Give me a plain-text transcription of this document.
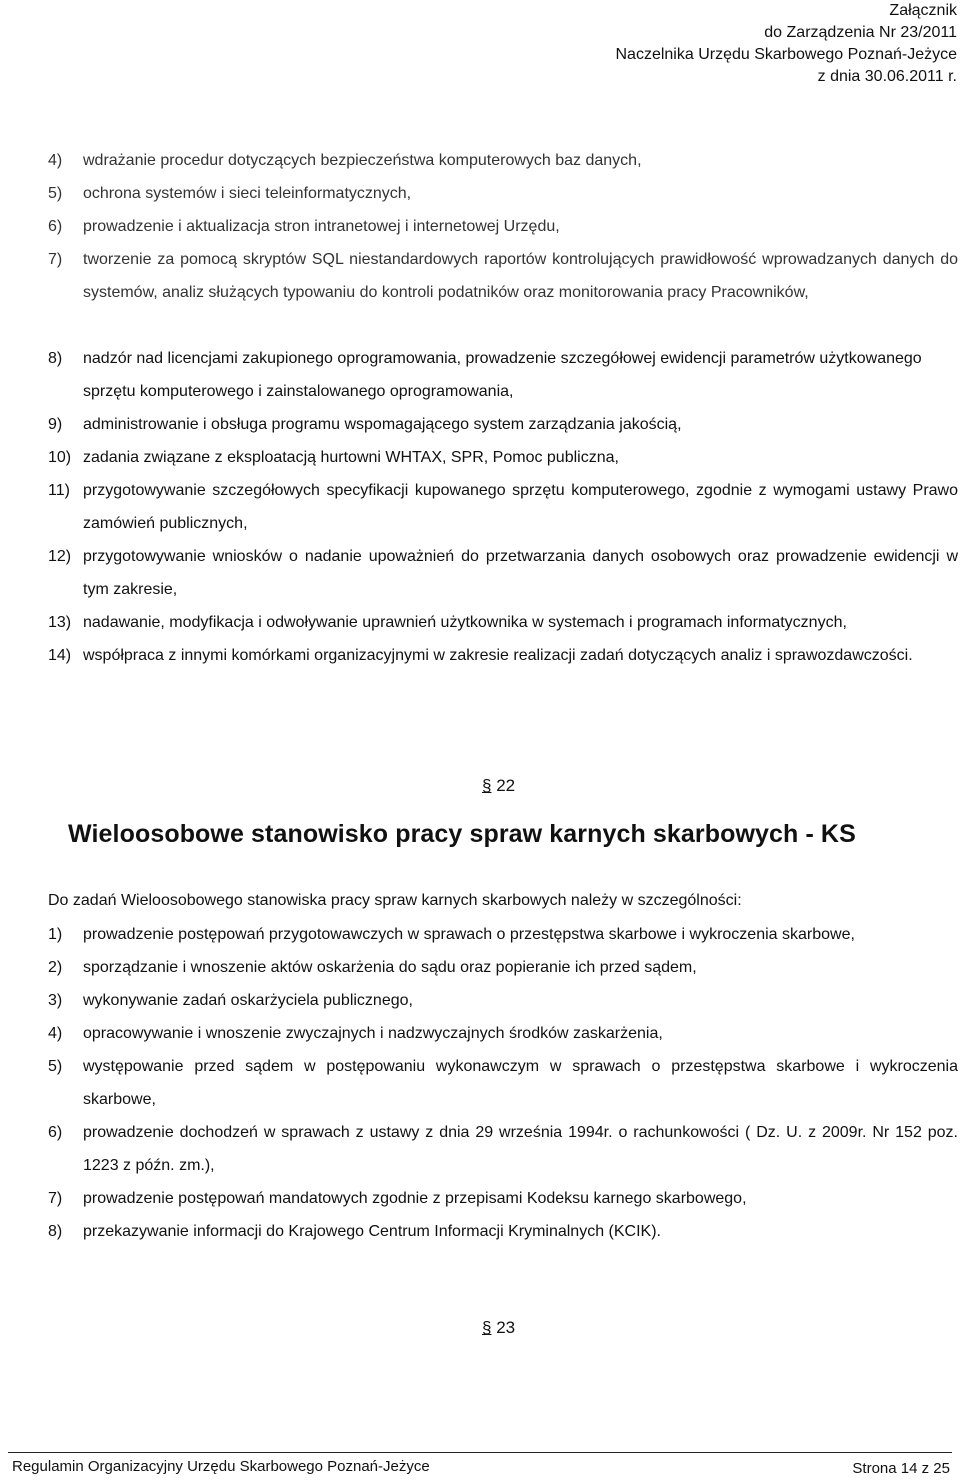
Załącznik
do Zarządzenia Nr 23/2011
Naczelnika Urzędu Skarbowego Poznań-Jeżyce
z dnia 30.06.2011 r.
4) wdrażanie procedur dotyczących bezpieczeństwa komputerowych baz danych,
5) ochrona systemów i sieci teleinformatycznych,
6) prowadzenie i aktualizacja stron intranetowej i internetowej Urzędu,
7) tworzenie za pomocą skryptów SQL niestandardowych raportów kontrolujących prawidłowość wprowadzanych danych do systemów, analiz służących typowaniu do kontroli podatników oraz monitorowania pracy Pracowników,
8) nadzór nad licencjami zakupionego oprogramowania, prowadzenie szczegółowej ewidencji parametrów użytkowanego sprzętu komputerowego i zainstalowanego oprogramowania,
9) administrowanie i obsługa programu wspomagającego system zarządzania jakością,
10) zadania związane z eksploatacją hurtowni WHTAX, SPR, Pomoc publiczna,
11) przygotowywanie szczegółowych specyfikacji kupowanego sprzętu komputerowego, zgodnie z wymogami ustawy Prawo zamówień publicznych,
12) przygotowywanie wniosków o nadanie upoważnień do przetwarzania danych osobowych oraz prowadzenie ewidencji w tym zakresie,
13) nadawanie, modyfikacja i odwoływanie uprawnień użytkownika w systemach i programach informatycznych,
14) współpraca z innymi komórkami organizacyjnymi w zakresie realizacji zadań dotyczących analiz i sprawozdawczości.
§ 22
Wieloosobowe stanowisko pracy spraw karnych skarbowych - KS
Do zadań Wieloosobowego stanowiska pracy spraw karnych skarbowych należy w szczególności:
1) prowadzenie postępowań przygotowawczych w sprawach o przestępstwa skarbowe i wykroczenia skarbowe,
2) sporządzanie i wnoszenie aktów oskarżenia do sądu oraz popieranie ich przed sądem,
3) wykonywanie zadań oskarżyciela publicznego,
4) opracowywanie i wnoszenie zwyczajnych i nadzwyczajnych środków zaskarżenia,
5) występowanie przed sądem w postępowaniu wykonawczym w sprawach o przestępstwa skarbowe i wykroczenia skarbowe,
6) prowadzenie dochodzeń w sprawach z ustawy z dnia 29 września 1994r. o rachunkowości ( Dz. U. z 2009r. Nr 152 poz. 1223 z późn. zm.),
7) prowadzenie postępowań mandatowych zgodnie z przepisami Kodeksu karnego skarbowego,
8) przekazywanie informacji do Krajowego Centrum Informacji Kryminalnych (KCIK).
§ 23
Regulamin Organizacyjny Urzędu Skarbowego Poznań-Jeżyce	Strona 14 z 25
